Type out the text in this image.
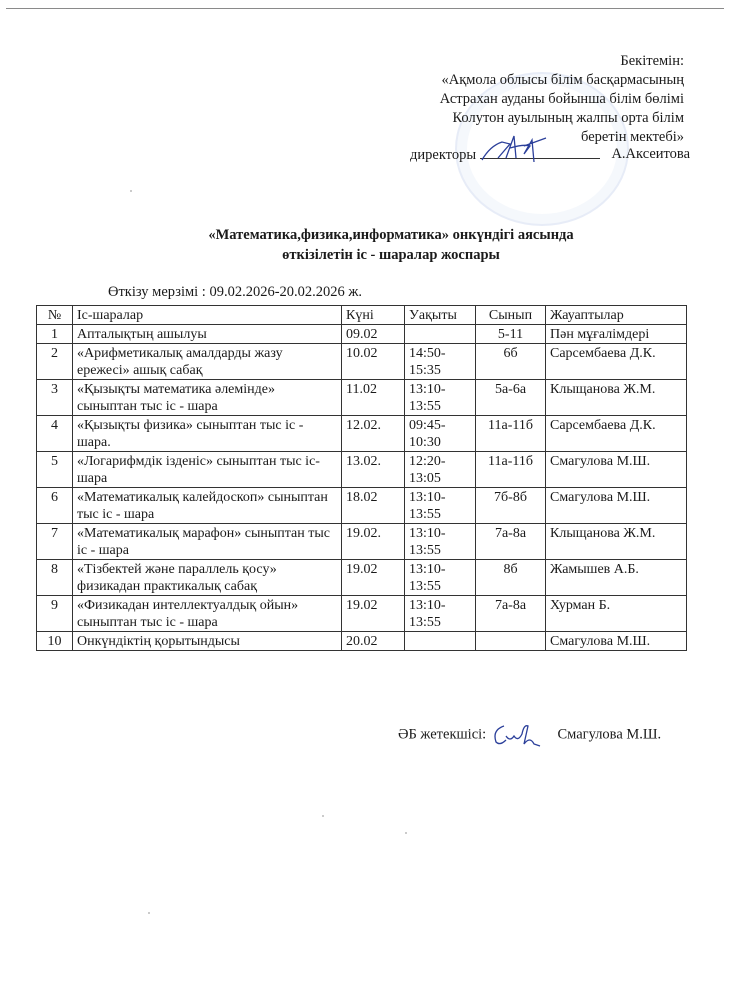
Бекітемін:
«Ақмола облысы білім басқармасының
Астрахан ауданы бойынша білім бөлімі
Колутон ауылының жалпы орта білім
беретін мектебі»
директоры	А.Аксеитова
«Математика,физика,информатика» онкүндігі аясында
өткізілетін іс - шаралар жоспары
Өткізу мерзімі : 09.02.2026-20.02.2026 ж.
№	Іс-шаралар	Күні	Уақыты	Сынып	Жауаптылар
1	Апталықтың ашылуы	09.02		5-11	Пән мұғалімдері
2	«Арифметикалық амалдарды жазу ережесі» ашық сабақ	10.02	14:50-15:35	6б	Сарсембаева Д.К.
3	«Қызықты математика әлемінде» сыныптан тыс іс - шара	11.02	13:10-13:55	5а-6а	Клыщанова Ж.М.
4	«Қызықты физика» сыныптан тыс іс - шара.	12.02.	09:45-10:30	11а-11б	Сарсембаева Д.К.
5	«Логарифмдік ізденіс» сыныптан тыс іс- шара	13.02.	12:20-13:05	11а-11б	Смагулова М.Ш.
6	«Математикалық калейдоскоп» сыныптан тыс іс - шара	18.02	13:10-13:55	7б-8б	Смагулова М.Ш.
7	«Математикалық марафон» сыныптан тыс іс - шара	19.02.	13:10-13:55	7а-8а	Клыщанова Ж.М.
8	«Тізбектей және параллель қосу» физикадан практикалық сабақ	19.02	13:10-13:55	8б	Жамышев А.Б.
9	«Физикадан интеллектуалдық ойын» сыныптан тыс іс - шара	19.02	13:10-13:55	7а-8а	Хурман Б.
10	Онкүндіктің қорытындысы	20.02			Смагулова М.Ш.
ӘБ жетекшісі:	Смагулова М.Ш.
